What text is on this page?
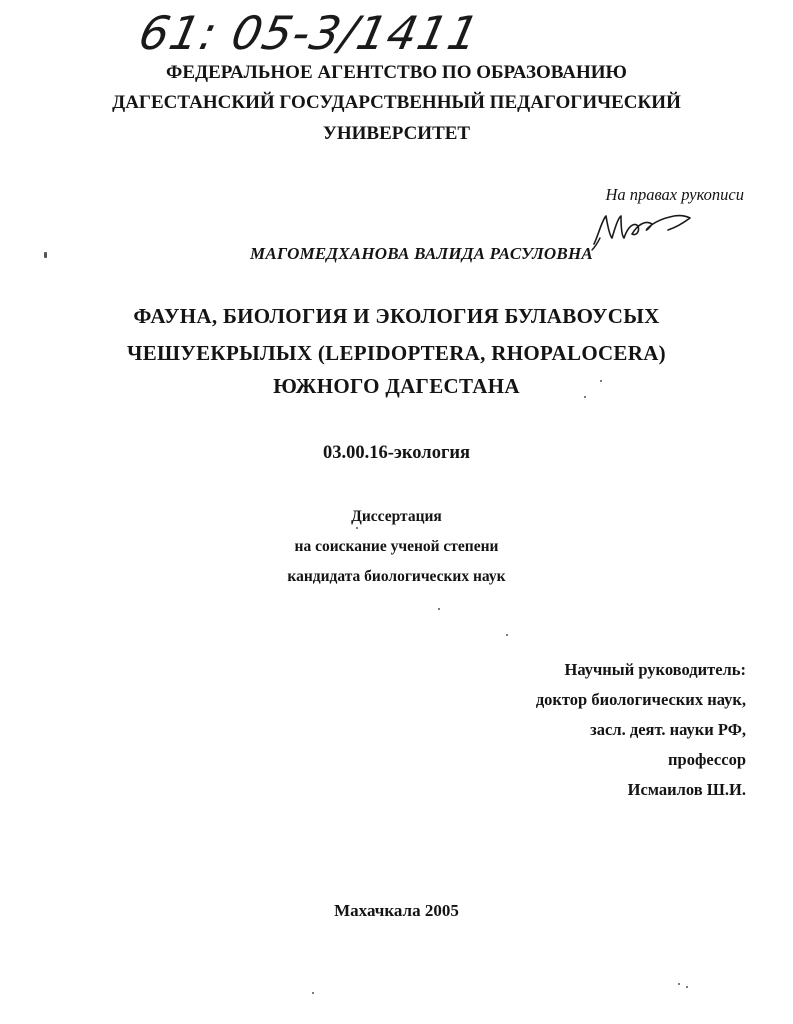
61: 05-3/1411
ФЕДЕРАЛЬНОЕ АГЕНТСТВО ПО ОБРАЗОВАНИЮ
ДАГЕСТАНСКИЙ ГОСУДАРСТВЕННЫЙ ПЕДАГОГИЧЕСКИЙ
УНИВЕРСИТЕТ
На правах рукописи
МАГОМЕДХАНОВА ВАЛИДА РАСУЛОВНА
ФАУНА, БИОЛОГИЯ И ЭКОЛОГИЯ БУЛАВОУСЫХ
ЧЕШУЕКРЫЛЫХ (LEPIDOPTERA, RHOPALOCERA)
ЮЖНОГО ДАГЕСТАНА
03.00.16-экология
Диссертация
на соискание ученой степени
кандидата биологических наук
Научный руководитель:
доктор биологических наук,
засл. деят. науки РФ,
профессор
Исмаилов Ш.И.
Махачкала 2005
